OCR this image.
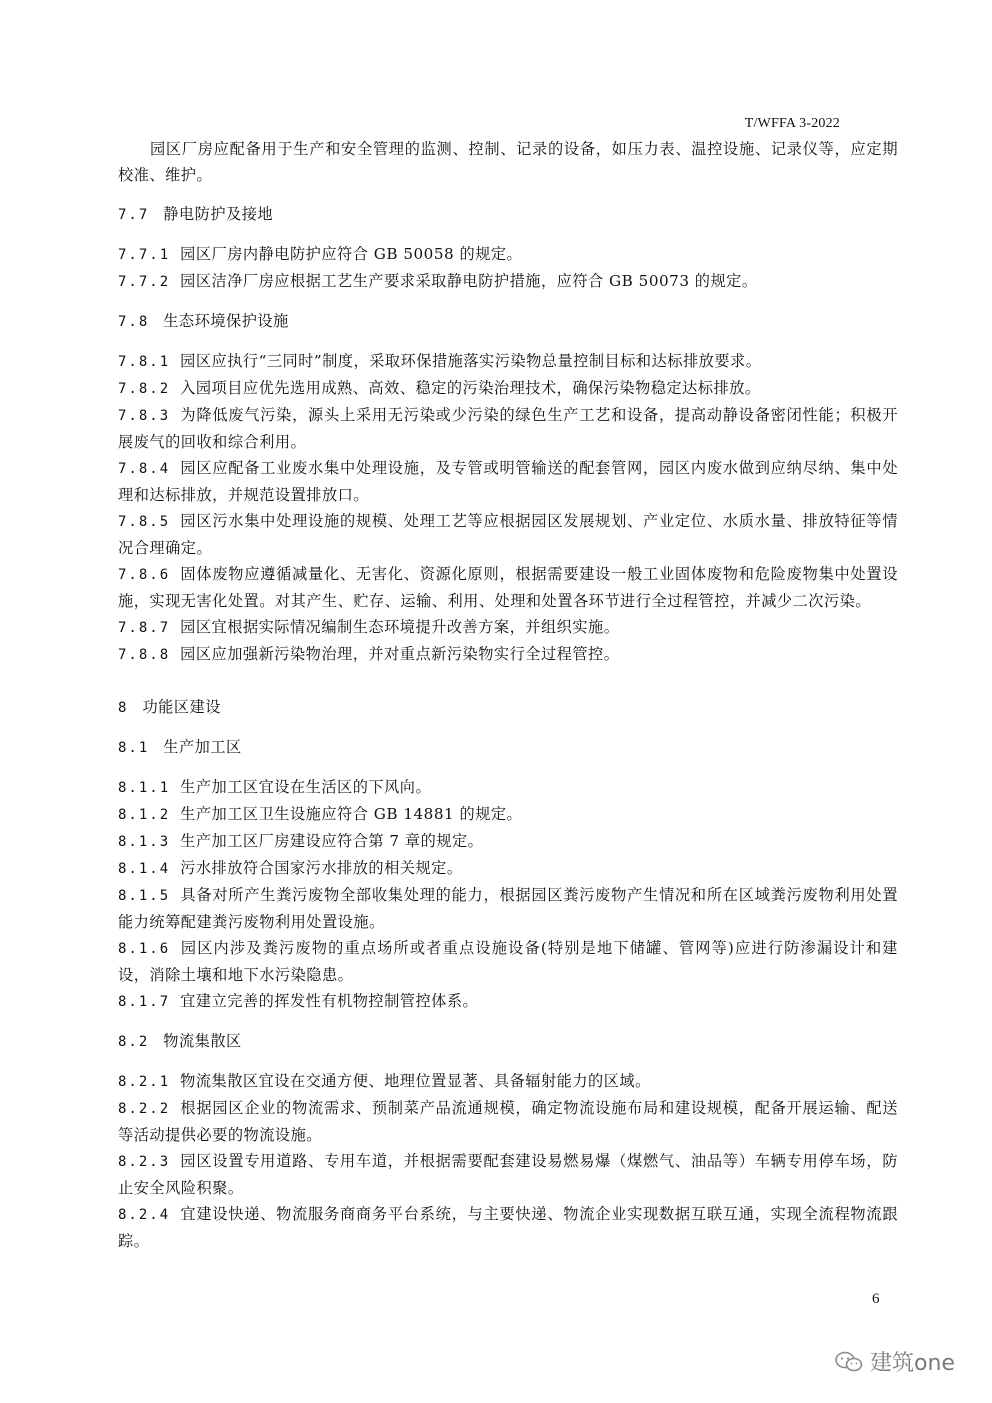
T/WFFA 3-2022

园区厂房应配备用于生产和安全管理的监测、控制、记录的设备，如压力表、温控设施、记录仪等，应定期校准、维护。

7.7 静电防护及接地

7.7.1 园区厂房内静电防护应符合 GB 50058 的规定。

7.7.2 园区洁净厂房应根据工艺生产要求采取静电防护措施，应符合 GB 50073 的规定。

7.8 生态环境保护设施

7.8.1 园区应执行“三同时”制度，采取环保措施落实污染物总量控制目标和达标排放要求。

7.8.2 入园项目应优先选用成熟、高效、稳定的污染治理技术，确保污染物稳定达标排放。

7.8.3 为降低废气污染，源头上采用无污染或少污染的绿色生产工艺和设备，提高动静设备密闭性能；积极开展废气的回收和综合利用。

7.8.4 园区应配备工业废水集中处理设施，及专管或明管输送的配套管网，园区内废水做到应纳尽纳、集中处理和达标排放，并规范设置排放口。

7.8.5 园区污水集中处理设施的规模、处理工艺等应根据园区发展规划、产业定位、水质水量、排放特征等情况合理确定。

7.8.6 固体废物应遵循减量化、无害化、资源化原则，根据需要建设一般工业固体废物和危险废物集中处置设施，实现无害化处置。对其产生、贮存、运输、利用、处理和处置各环节进行全过程管控，并减少二次污染。

7.8.7 园区宜根据实际情况编制生态环境提升改善方案，并组织实施。

7.8.8 园区应加强新污染物治理，并对重点新污染物实行全过程管控。

8 功能区建设
8.1 生产加工区

8.1.1 生产加工区宜设在生活区的下风向。

8.1.2 生产加工区卫生设施应符合 GB 14881 的规定。

8.1.3 生产加工区厂房建设应符合第 7 章的规定。

8.1.4 污水排放符合国家污水排放的相关规定。

8.1.5 具备对所产生粪污废物全部收集处理的能力，根据园区粪污废物产生情况和所在区域粪污废物利用处置能力统筹配建粪污废物利用处置设施。

8.1.6 园区内涉及粪污废物的重点场所或者重点设施设备(特别是地下储罐、管网等)应进行防渗漏设计和建设，消除土壤和地下水污染隐患。

8.1.7 宜建立完善的挥发性有机物控制管控体系。

8.2 物流集散区

8.2.1 物流集散区宜设在交通方便、地理位置显著、具备辐射能力的区域。

8.2.2 根据园区企业的物流需求、预制菜产品流通规模，确定物流设施布局和建设规模，配备开展运输、配送等活动提供必要的物流设施。

8.2.3 园区设置专用道路、专用车道，并根据需要配套建设易燃易爆（煤燃气、油品等）车辆专用停车场，防止安全风险积聚。

8.2.4 宜建设快递、物流服务商商务平台系统，与主要快递、物流企业实现数据互联互通，实现全流程物流跟踪。

6
建筑one
